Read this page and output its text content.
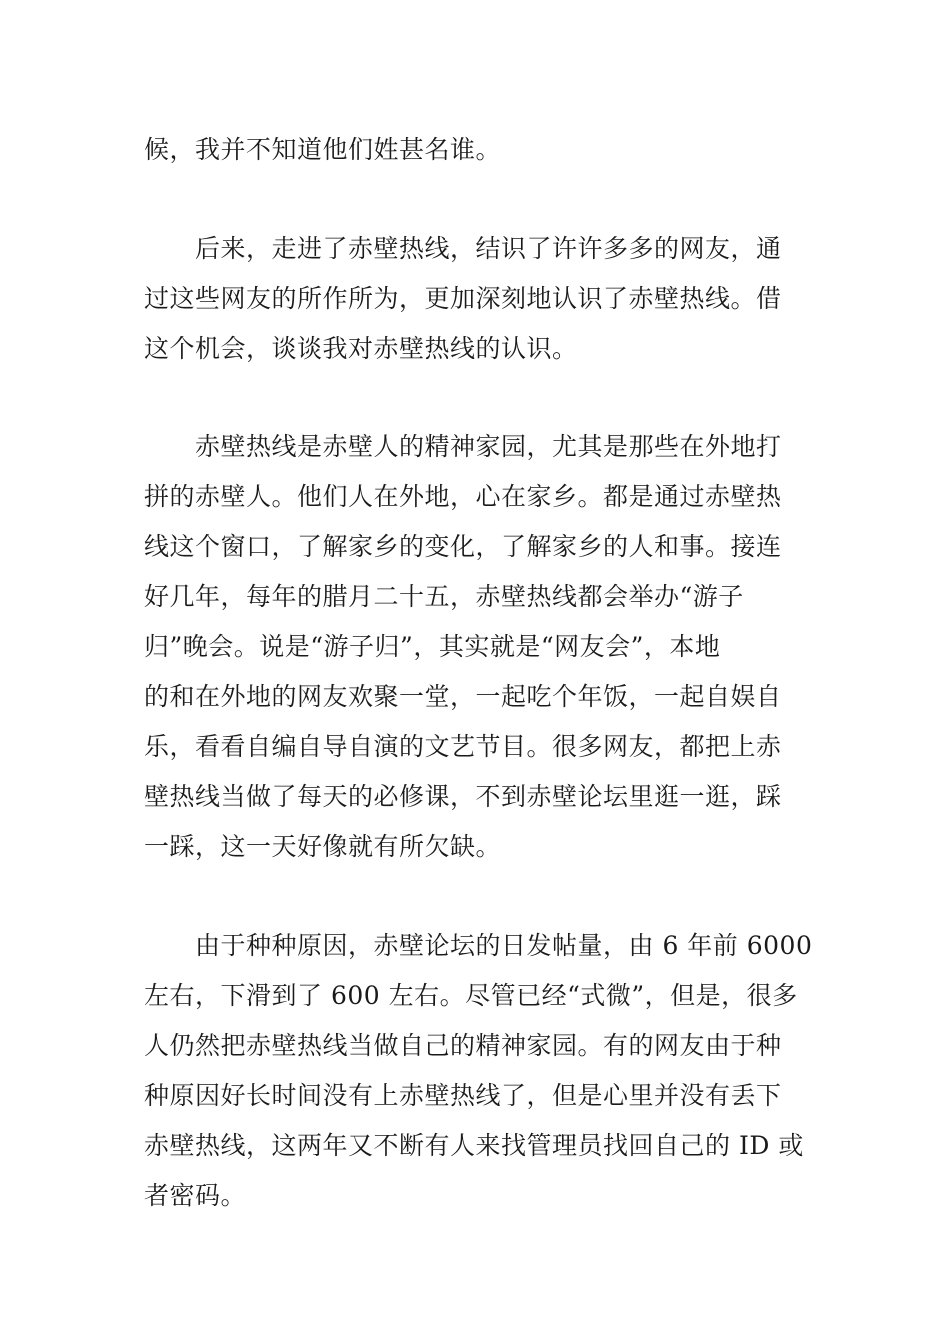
候，我并不知道他们姓甚名谁。
　　后来，走进了赤壁热线，结识了许许多多的网友，通
过这些网友的所作所为，更加深刻地认识了赤壁热线。借
这个机会，谈谈我对赤壁热线的认识。
　　赤壁热线是赤壁人的精神家园，尤其是那些在外地打
拼的赤壁人。他们人在外地，心在家乡。都是通过赤壁热
线这个窗口，了解家乡的变化，了解家乡的人和事。接连
好几年，每年的腊月二十五，赤壁热线都会举办“游子
归”晚会。说是“游子归”，其实就是“网友会”，本地
的和在外地的网友欢聚一堂，一起吃个年饭，一起自娱自
乐，看看自编自导自演的文艺节目。很多网友，都把上赤
壁热线当做了每天的必修课，不到赤壁论坛里逛一逛，踩
一踩，这一天好像就有所欠缺。
　　由于种种原因，赤壁论坛的日发帖量，由 6 年前 6000
左右，下滑到了 600 左右。尽管已经“式微”，但是，很多
人仍然把赤壁热线当做自己的精神家园。有的网友由于种
种原因好长时间没有上赤壁热线了，但是心里并没有丢下
赤壁热线，这两年又不断有人来找管理员找回自己的 ID 或
者密码。
